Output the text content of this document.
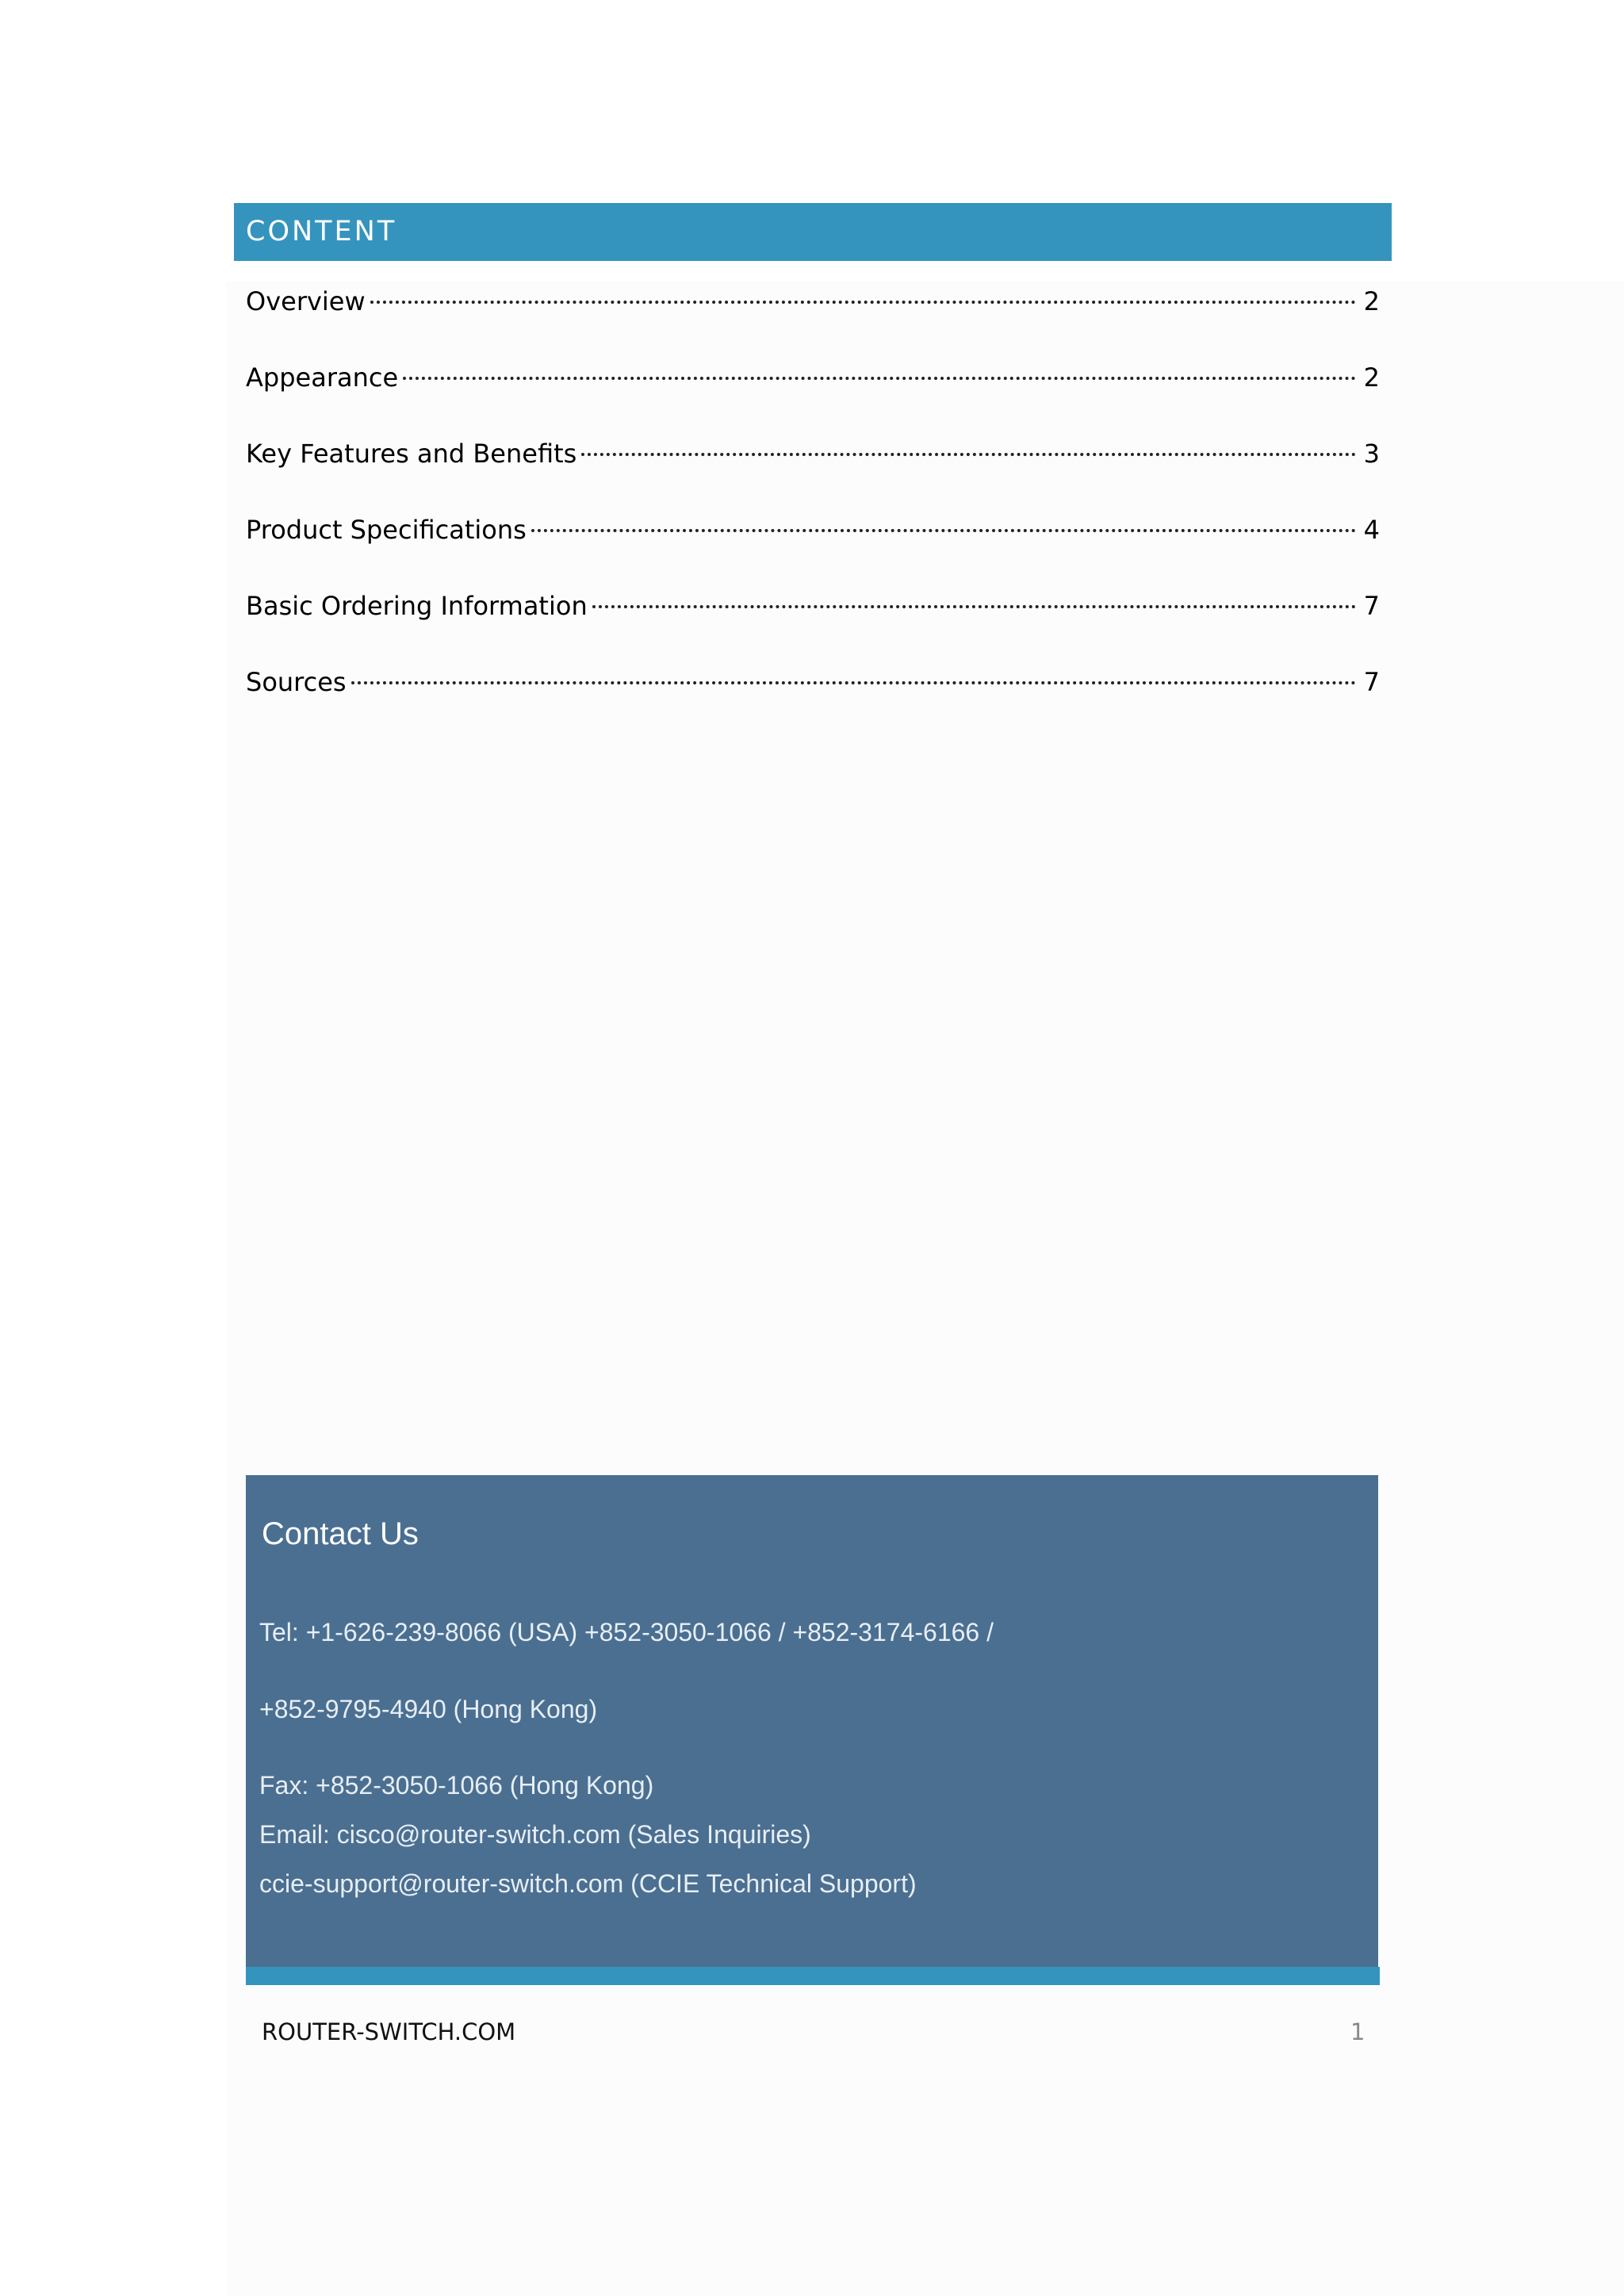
CONTENT
Overview	2
Appearance	2
Key Features and Benefits	3
Product Specifications	4
Basic Ordering Information	7
Sources	7
Contact Us
Tel: +1-626-239-8066 (USA) +852-3050-1066 / +852-3174-6166 /
+852-9795-4940 (Hong Kong)
Fax: +852-3050-1066 (Hong Kong)
Email: cisco@router-switch.com (Sales Inquiries)
ccie-support@router-switch.com (CCIE Technical Support)
ROUTER-SWITCH.COM	1
